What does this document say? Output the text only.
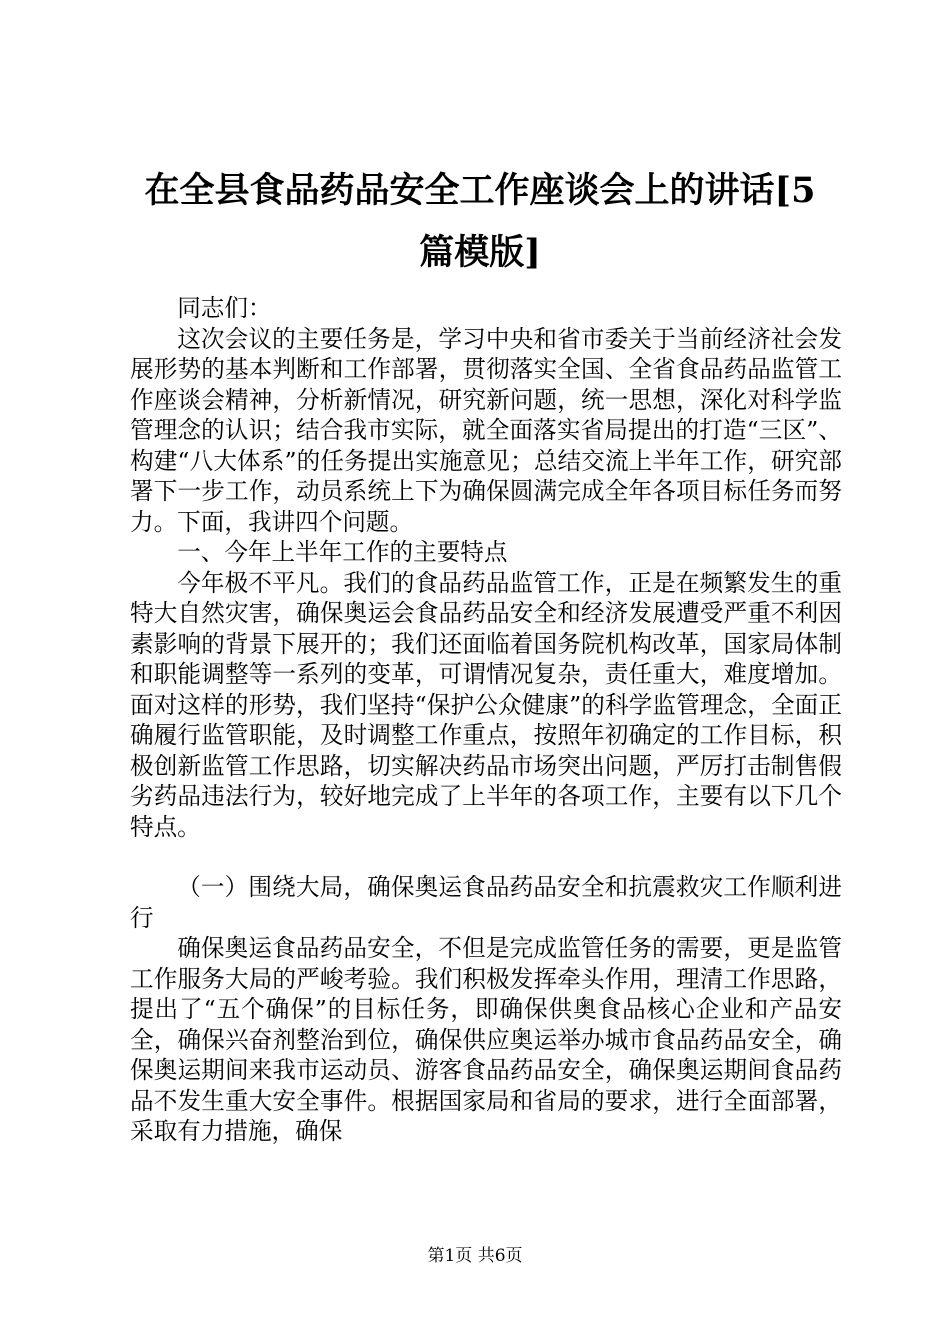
在全县食品药品安全工作座谈会上的讲话[5篇模版]

同志们：

这次会议的主要任务是，学习中央和省市委关于当前经济社会发展形势的基本判断和工作部署，贯彻落实全国、全省食品药品监管工作座谈会精神，分析新情况，研究新问题，统一思想，深化对科学监管理念的认识；结合我市实际，就全面落实省局提出的打造“三区”、构建“八大体系”的任务提出实施意见；总结交流上半年工作，研究部署下一步工作，动员系统上下为确保圆满完成全年各项目标任务而努力。下面，我讲四个问题。

一、今年上半年工作的主要特点

今年极不平凡。我们的食品药品监管工作，正是在频繁发生的重特大自然灾害，确保奥运会食品药品安全和经济发展遭受严重不利因素影响的背景下展开的；我们还面临着国务院机构改革，国家局体制和职能调整等一系列的变革，可谓情况复杂，责任重大，难度增加。面对这样的形势，我们坚持“保护公众健康”的科学监管理念，全面正确履行监管职能，及时调整工作重点，按照年初确定的工作目标，积极创新监管工作思路，切实解决药品市场突出问题，严厉打击制售假劣药品违法行为，较好地完成了上半年的各项工作，主要有以下几个特点。

（一）围绕大局，确保奥运食品药品安全和抗震救灾工作顺利进行

确保奥运食品药品安全，不但是完成监管任务的需要，更是监管工作服务大局的严峻考验。我们积极发挥牵头作用，理清工作思路，提出了“五个确保”的目标任务，即确保供奥食品核心企业和产品安全，确保兴奋剂整治到位，确保供应奥运举办城市食品药品安全，确保奥运期间来我市运动员、游客食品药品安全，确保奥运期间食品药品不发生重大安全事件。根据国家局和省局的要求，进行全面部署，采取有力措施，确保

第1页 共6页
